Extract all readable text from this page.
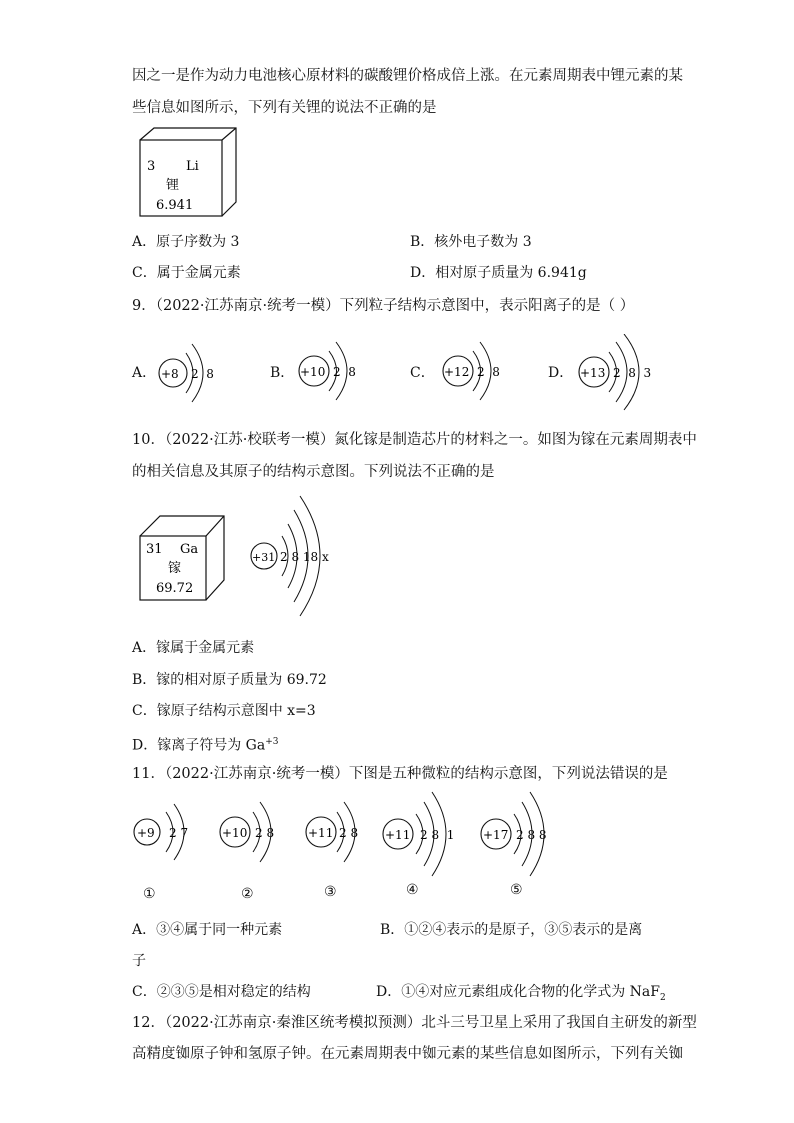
因之一是作为动力电池核心原材料的碳酸锂价格成倍上涨。在元素周期表中锂元素的某
些信息如图所示，下列有关锂的说法不正确的是
3 Li
锂
6.941
A．原子序数为 3	B．核外电子数为 3
C．属于金属元素	D．相对原子质量为 6.941g
9．（2022·江苏南京·统考一模）下列粒子结构示意图中，表示阳离子的是（ ）
A． +8 2  8	B． +10 2  8	C． +12 2  8	D． +13 2  8  3
10．（2022·江苏·校联考一模）氮化镓是制造芯片的材料之一。如图为镓在元素周期表中
的相关信息及其原子的结构示意图。下列说法不正确的是
31 Ga
镓
69.72
+31 2 8 18 x
A．镓属于金属元素
B．镓的相对原子质量为 69.72
C．镓原子结构示意图中 x=3
D．镓离子符号为 $Ga^{+3}$
11．（2022·江苏南京·统考一模）下图是五种微粒的结构示意图，下列说法错误的是
+9 2 7
①
+10 2 8
②
+11 2 8
③
+11 2 8  1
④
+17 2 8 8
⑤
A．③④属于同一种元素	B．①②④表示的是原子，③⑤表示的是离
子
C．②③⑤是相对稳定的结构	D．①④对应元素组成化合物的化学式为 NaF$_2$
12．（2022·江苏南京·秦淮区统考模拟预测）北斗三号卫星上采用了我国自主研发的新型
高精度铷原子钟和氢原子钟。在元素周期表中铷元素的某些信息如图所示，下列有关铷
